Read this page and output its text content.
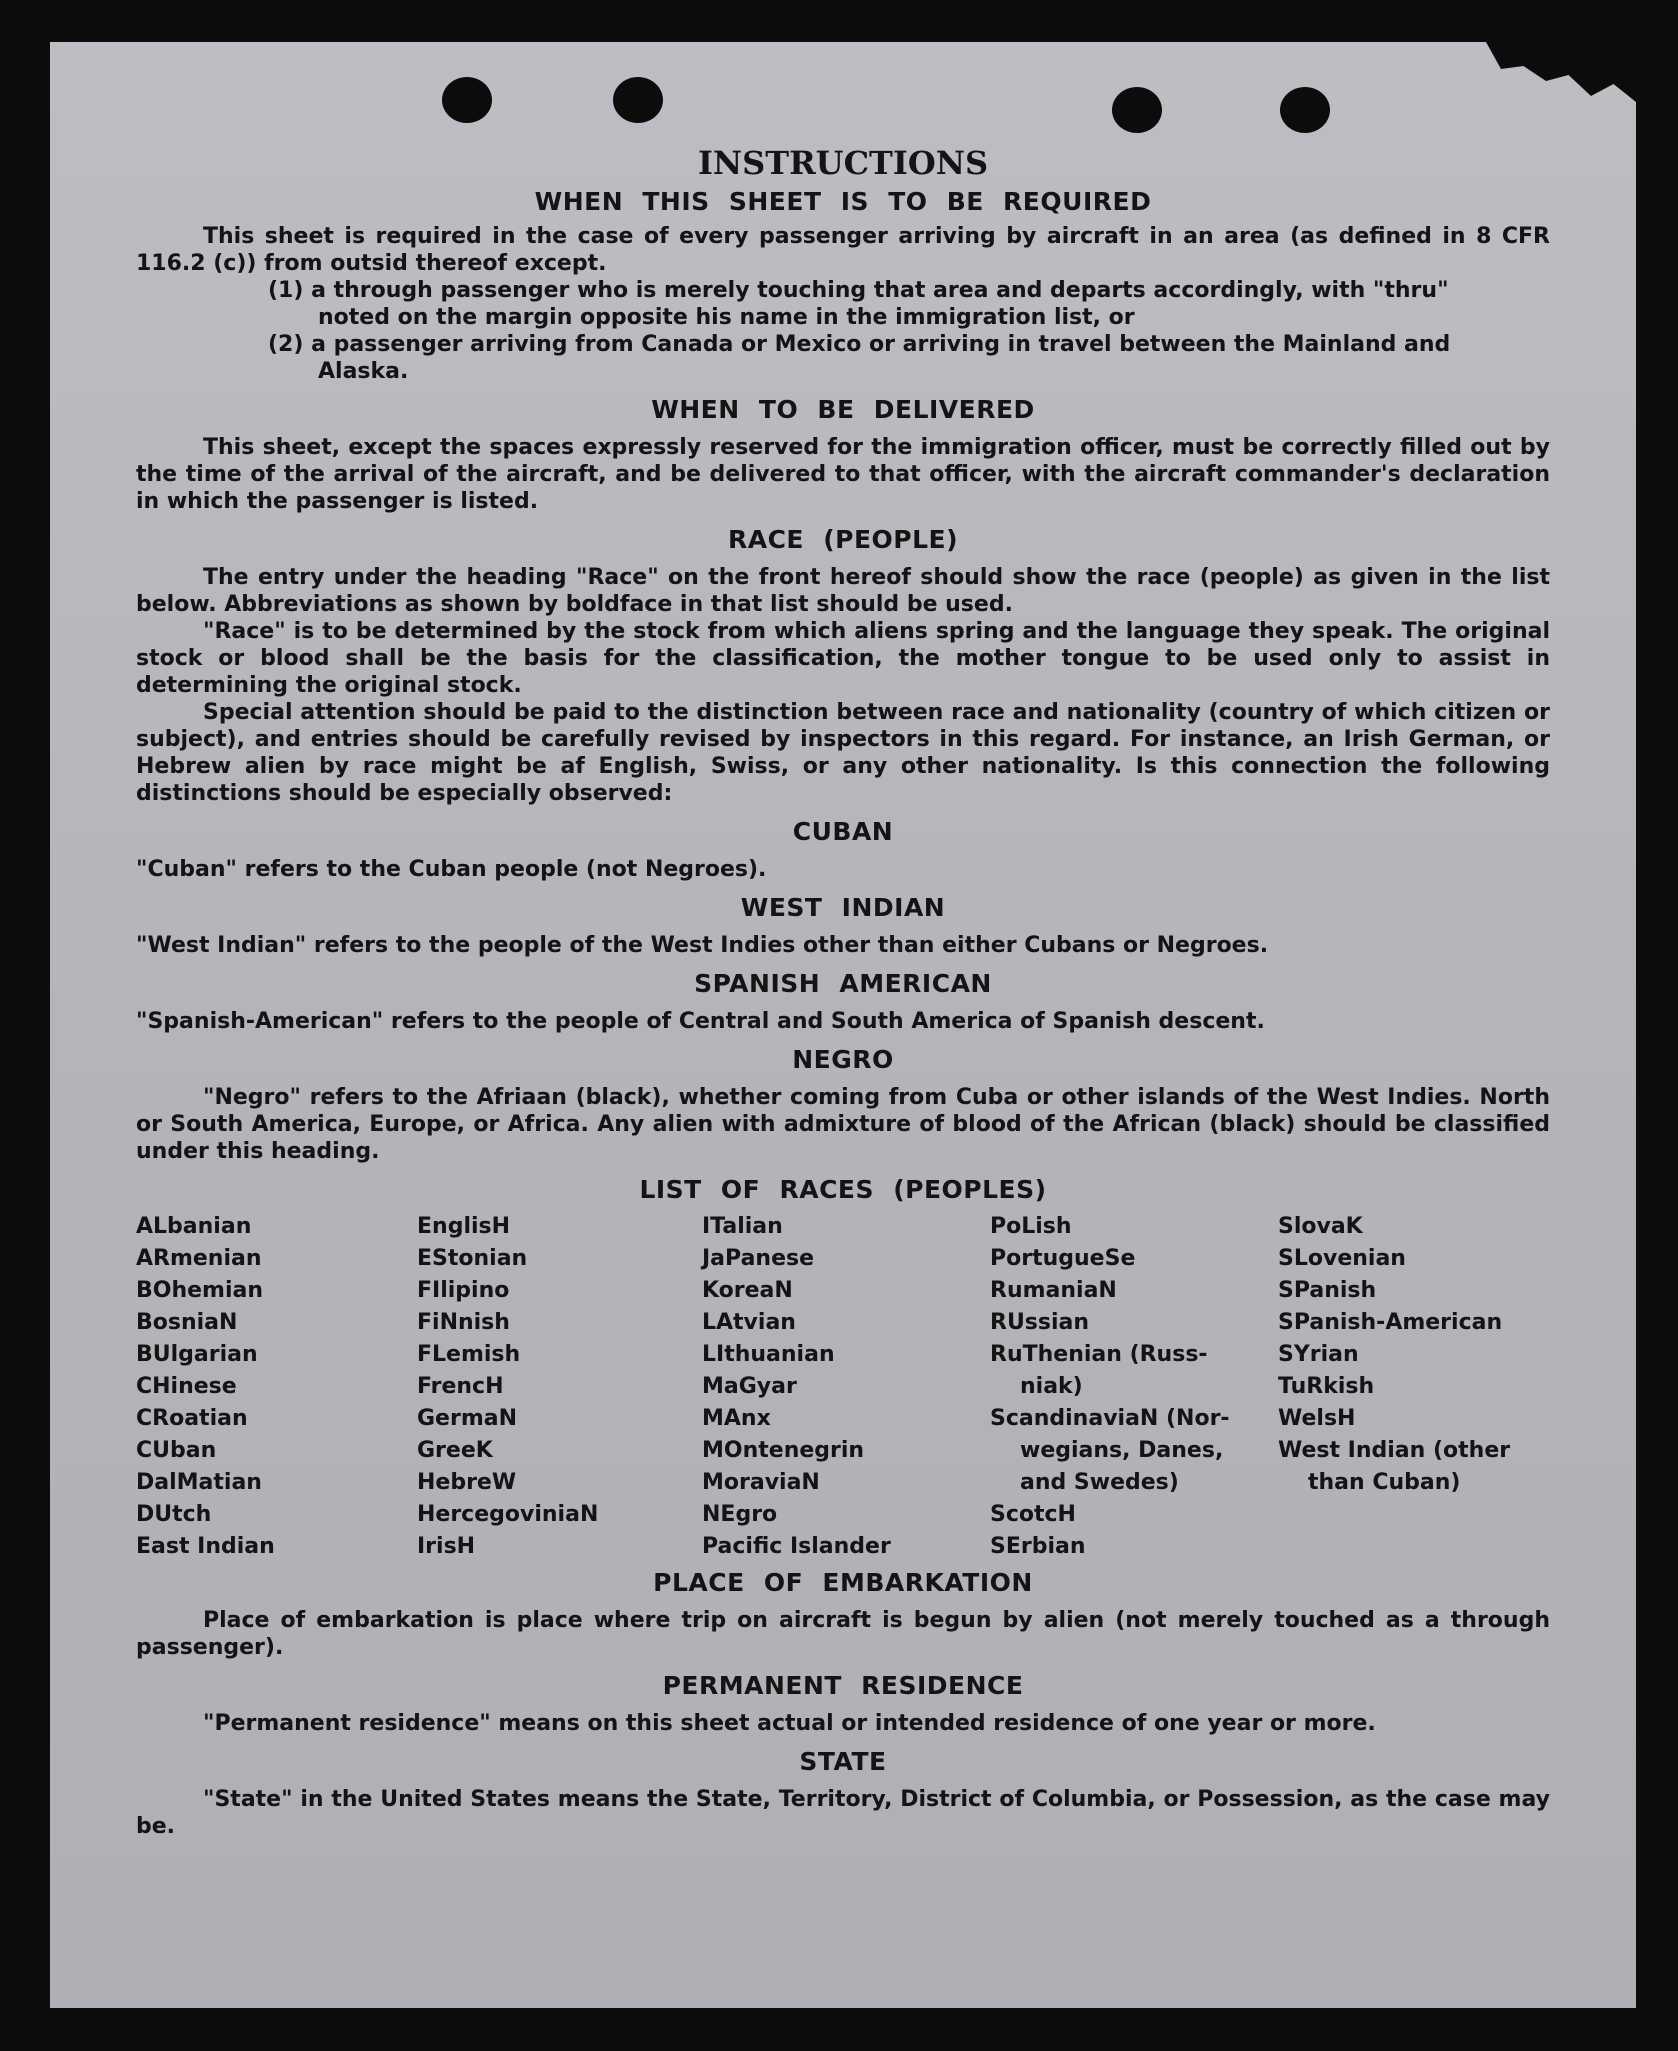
INSTRUCTIONS
WHEN THIS SHEET IS TO BE REQUIRED

This sheet is required in the case of every passenger arriving by aircraft in an area (as defined in 8 CFR 116.2 (c)) from outsid thereof except.

(1) a through passenger who is merely touching that area and departs accordingly, with "thru"
noted on the margin opposite his name in the immigration list, or
(2) a passenger arriving from Canada or Mexico or arriving in travel between the Mainland and
Alaska.
WHEN TO BE DELIVERED

This sheet, except the spaces expressly reserved for the immigration officer, must be correctly filled out by the time of the arrival of the aircraft, and be delivered to that officer, with the aircraft commander's declaration in which the passenger is listed.

RACE (PEOPLE)

The entry under the heading "Race" on the front hereof should show the race (people) as given in the list below. Abbreviations as shown by boldface in that list should be used.

"Race" is to be determined by the stock from which aliens spring and the language they speak. The original stock or blood shall be the basis for the classification, the mother tongue to be used only to assist in determining the original stock.

Special attention should be paid to the distinction between race and nationality (country of which citizen or subject), and entries should be carefully revised by inspectors in this regard. For instance, an Irish German, or Hebrew alien by race might be af English, Swiss, or any other nationality. Is this connection the following distinctions should be especially observed:

CUBAN

"Cuban" refers to the Cuban people (not Negroes).

WEST INDIAN

"West Indian" refers to the people of the West Indies other than either Cubans or Negroes.

SPANISH AMERICAN

"Spanish-American" refers to the people of Central and South America of Spanish descent.

NEGRO

"Negro" refers to the Afriaan (black), whether coming from Cuba or other islands of the West Indies. North or South America, Europe, or Africa. Any alien with admixture of blood of the African (black) should be classified under this heading.

LIST OF RACES (PEOPLES)
ALbanian
ARmenian
BOhemian
BosniaN
BUlgarian
CHinese
CRoatian
CUban
DalMatian
DUtch
East Indian
EnglisH
EStonian
FIlipino
FiNnish
FLemish
FrencH
GermaN
GreeK
HebreW
HercegoviniaN
IrisH
ITalian
JaPanese
KoreaN
LAtvian
LIthuanian
MaGyar
MAnx
MOntenegrin
MoraviaN
NEgro
Pacific Islander
PoLish
PortugueSe
RumaniaN
RUssian
RuThenian (Russ-
niak)
ScandinaviaN (Nor-
wegians, Danes,
and Swedes)
ScotcH
SErbian
SlovaK
SLovenian
SPanish
SPanish-American
SYrian
TuRkish
WelsH
West Indian (other
than Cuban)
PLACE OF EMBARKATION

Place of embarkation is place where trip on aircraft is begun by alien (not merely touched as a through passenger).

PERMANENT RESIDENCE

"Permanent residence" means on this sheet actual or intended residence of one year or more.

STATE

"State" in the United States means the State, Territory, District of Columbia, or Possession, as the case may be.
